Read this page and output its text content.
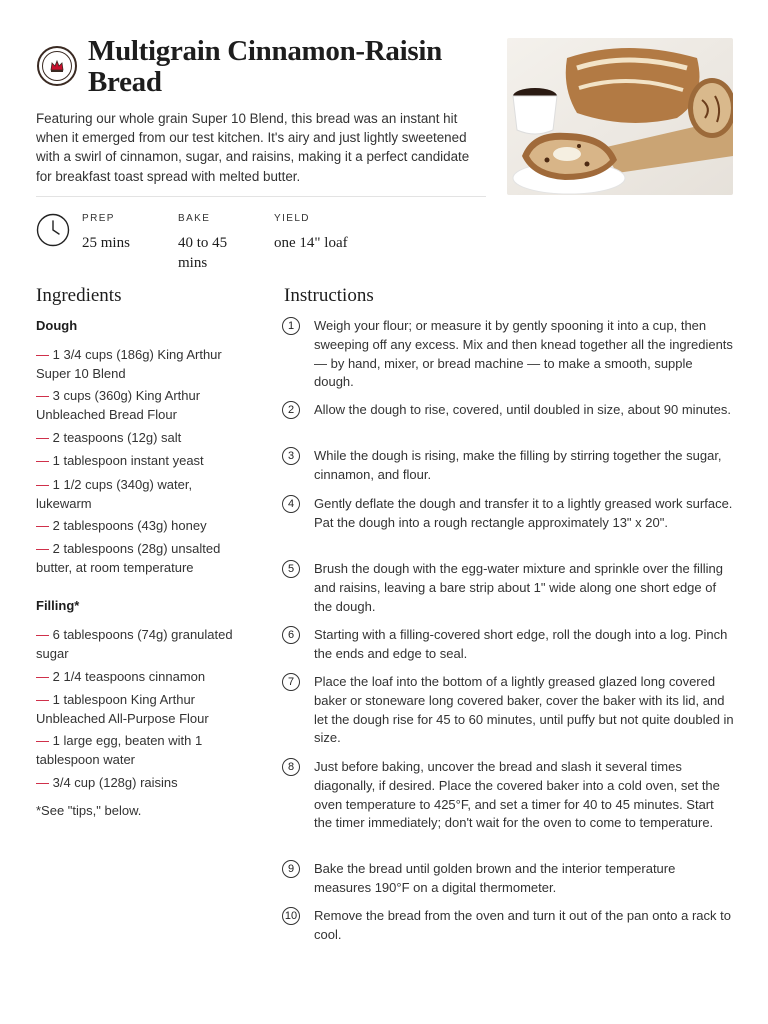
Multigrain Cinnamon-Raisin Bread

Featuring our whole grain Super 10 Blend, this bread was an instant hit when it emerged from our test kitchen. It's airy and just lightly sweetened with a swirl of cinnamon, sugar, and raisins, making it a perfect candidate for breakfast toast spread with melted butter.

PREP
25 mins
BAKE
40 to 45 mins
YIELD
one 14" loaf
Ingredients
Dough
— 1 3/4 cups (186g) King Arthur Super 10 Blend
— 3 cups (360g) King Arthur Unbleached Bread Flour
— 2 teaspoons (12g) salt
— 1 tablespoon instant yeast
— 1 1/2 cups (340g) water, lukewarm
— 2 tablespoons (43g) honey
— 2 tablespoons (28g) unsalted butter, at room temperature
Filling*
— 6 tablespoons (74g) granulated sugar
— 2 1/4 teaspoons cinnamon
— 1 tablespoon King Arthur Unbleached All-Purpose Flour
— 1 large egg, beaten with 1 tablespoon water
— 3/4 cup (128g) raisins
*See "tips," below.
Instructions
1	Weigh your flour; or measure it by gently spooning it into a cup, then sweeping off any excess. Mix and then knead together all the ingredients — by hand, mixer, or bread machine — to make a smooth, supple dough.
2	Allow the dough to rise, covered, until doubled in size, about 90 minutes.
3	While the dough is rising, make the filling by stirring together the sugar, cinnamon, and flour.
4	Gently deflate the dough and transfer it to a lightly greased work surface. Pat the dough into a rough rectangle approximately 13" x 20".
5	Brush the dough with the egg-water mixture and sprinkle over the filling and raisins, leaving a bare strip about 1" wide along one short edge of the dough.
6	Starting with a filling-covered short edge, roll the dough into a log. Pinch the ends and edge to seal.
7	Place the loaf into the bottom of a lightly greased glazed long covered baker or stoneware long covered baker, cover the baker with its lid, and let the dough rise for 45 to 60 minutes, until puffy but not quite doubled in size.
8	Just before baking, uncover the bread and slash it several times diagonally, if desired. Place the covered baker into a cold oven, set the oven temperature to 425°F, and set a timer for 40 to 45 minutes. Start the timer immediately; don't wait for the oven to come to temperature.
9	Bake the bread until golden brown and the interior temperature measures 190°F on a digital thermometer.
10 Remove the bread from the oven and turn it out of the pan onto a rack to cool.
